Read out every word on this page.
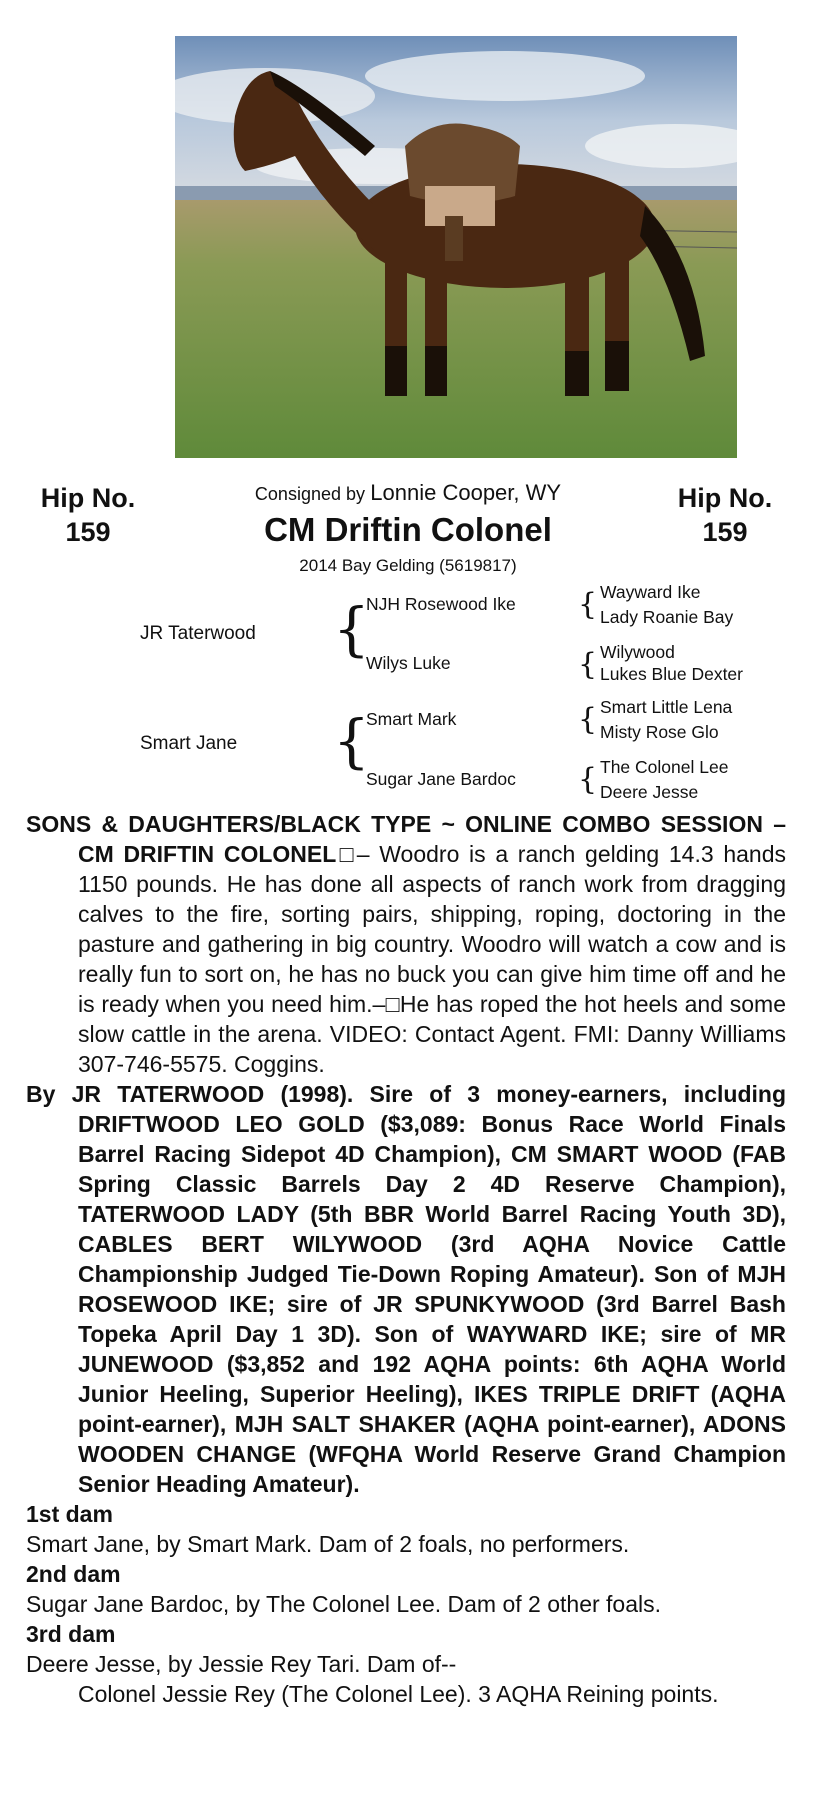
Hip No.
159
Hip No.
159
Consigned by Lonnie Cooper, WY
CM Driftin Colonel
2014 Bay Gelding (5619817)
JR Taterwood
Smart Jane
{
{
NJH Rosewood Ike
Wilys Luke
Smart Mark
Sugar Jane Bardoc
{
{
{
{
Wayward Ike
Lady Roanie Bay
Wilywood
Lukes Blue Dexter
Smart Little Lena
Misty Rose Glo
The Colonel Lee
Deere Jesse

SONS & DAUGHTERS/BLACK TYPE ~ ONLINE COMBO SESSION – CM DRIFTIN COLONEL□– Woodro is a ranch gelding 14.3 hands 1150 pounds. He has done all aspects of ranch work from dragging calves to the fire, sorting pairs, shipping, roping, doctoring in the pasture and gathering in big country. Woodro will watch a cow and is really fun to sort on, he has no buck you can give him time off and he is ready when you need him.–□He has roped the hot heels and some slow cattle in the arena. VIDEO: Contact Agent. FMI: Danny Williams 307-746-5575. Coggins.

By JR TATERWOOD (1998). Sire of 3 money-earners, including DRIFTWOOD LEO GOLD ($3,089: Bonus Race World Finals Barrel Racing Sidepot 4D Champion), CM SMART WOOD (FAB Spring Classic Barrels Day 2 4D Reserve Champion), TATERWOOD LADY (5th BBR World Barrel Racing Youth 3D), CABLES BERT WILYWOOD (3rd AQHA Novice Cattle Championship Judged Tie-Down Roping Amateur). Son of MJH ROSEWOOD IKE; sire of JR SPUNKYWOOD (3rd Barrel Bash Topeka April Day 1 3D). Son of WAYWARD IKE; sire of MR JUNEWOOD ($3,852 and 192 AQHA points: 6th AQHA World Junior Heeling, Superior Heeling), IKES TRIPLE DRIFT (AQHA point-earner), MJH SALT SHAKER (AQHA point-earner), ADONS WOODEN CHANGE (WFQHA World Reserve Grand Champion Senior Heading Amateur).

1st dam

Smart Jane, by Smart Mark. Dam of 2 foals, no performers.

2nd dam

Sugar Jane Bardoc, by The Colonel Lee. Dam of 2 other foals.

3rd dam

Deere Jesse, by Jessie Rey Tari. Dam of--

Colonel Jessie Rey (The Colonel Lee). 3 AQHA Reining points.
